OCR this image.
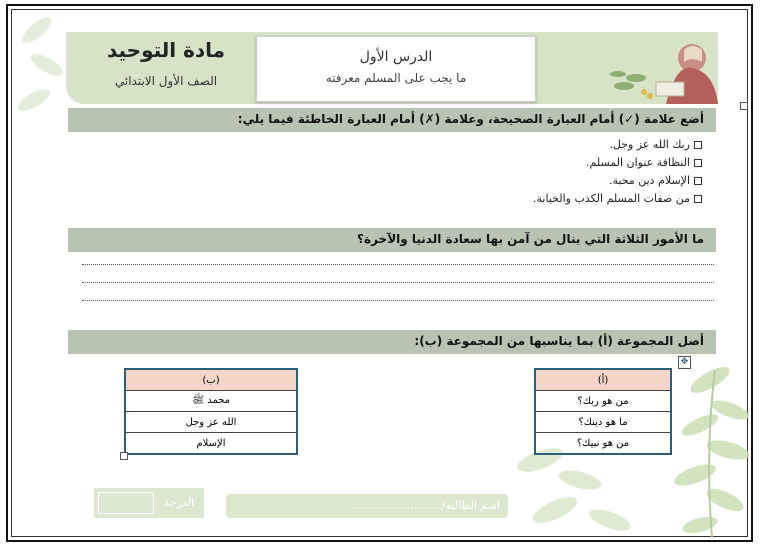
مادة التوحيد
الصف الأول الابتدائي
الدرس الأول
ما يجب على المسلم معرفته
أضع علامة (✓) أمام العبارة الصحيحة، وعلامة (✗) أمام العبارة الخاطئة فيما يلي:
ربك الله عز وجل.
النظافة عنوان المسلم.
الإسلام دين محبة.
من صفات المسلم الكذب والخيانة.
ما الأمور الثلاثة التي ينال من آمن بها سعادة الدنيا والآخرة؟
أصل المجموعة (أ) بما يناسبها من المجموعة (ب):
✥
(أ)
من هو ربك؟
ما هو دينك؟
من هو نبيك؟
(ب)
محمد ﷺ
الله عز وجل
الإسلام
اسم الطالبة/..........................
الدرجة
